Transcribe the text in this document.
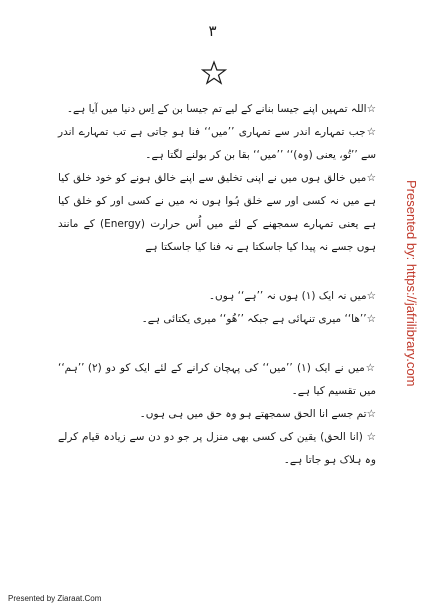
۳

☆اللہ تمہیں اپنے جیسا بنانے کے لیے تم جیسا بن کے اِس دنیا میں آیا ہے۔

☆جب تمہارے اندر سے تمہاری ’’میں‘‘ فنا ہو جاتی ہے تب تمہارے اندر سے ’’تُو، یعنی (وہ)‘‘ ’’میں‘‘ بقا بن کر بولنے لگتا ہے۔

☆میں خالق ہوں میں نے اپنی تخلیق سے اپنے خالق ہونے کو خود خلق کیا ہے میں نہ کسی اور سے خلق ہُوا ہوں نہ میں نے کسی اور کو خلق کیا ہے یعنی تمہارے سمجھنے کے لئے میں اُس حرارت (Energy) کے مانند ہوں جسے نہ پیدا کیا جاسکتا ہے نہ فنا کیا جاسکتا ہے

☆میں نہ ایک (۱) ہوں نہ ’’ہے‘‘ ہوں۔

☆’’ھا‘‘ میری تنہائی ہے جبکہ ’’ھُو‘‘ میری یکتائی ہے۔

☆میں نے ایک (۱) ’’میں‘‘ کی پہچان کرانے کے لئے ایک کو دو (۲) ’’ہم‘‘ میں تقسیم کیا ہے۔

☆تم جسے انا الحق سمجھتے ہو وہ حق میں ہی ہوں۔

☆ (انا الحق) یقین کی کسی بھی منزل پر جو دو دن سے زیادہ قیام کرلے وہ ہلاک ہو جاتا ہے۔

Presented by: https://jafrilibrary.com
Presented by Ziaraat.Com
